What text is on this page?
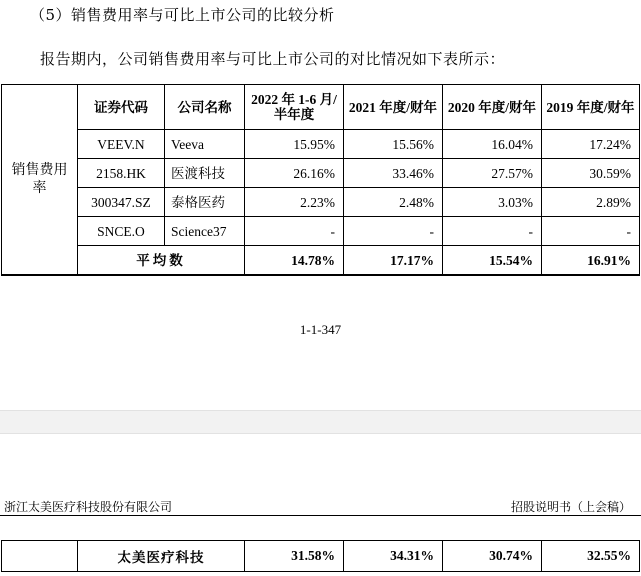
（5）销售费用率与可比上市公司的比较分析
报告期内，公司销售费用率与可比上市公司的对比情况如下表所示：
销售费用率	证券代码	公司名称	2022 年 1-6 月/半年度	2021 年度/财年	2020 年度/财年	2019 年度/财年
	VEEV.N	Veeva	15.95%	15.56%	16.04%	17.24%
	2158.HK	医渡科技	26.16%	33.46%	27.57%	30.59%
	300347.SZ	泰格医药	2.23%	2.48%	3.03%	2.89%
	SNCE.O	Science37	-	-	-	-
	平均数		14.78%	17.17%	15.54%	16.91%
1-1-347
浙江太美医疗科技股份有限公司	招股说明书（上会稿）
	太美医疗科技	31.58%	34.31%	30.74%	32.55%
